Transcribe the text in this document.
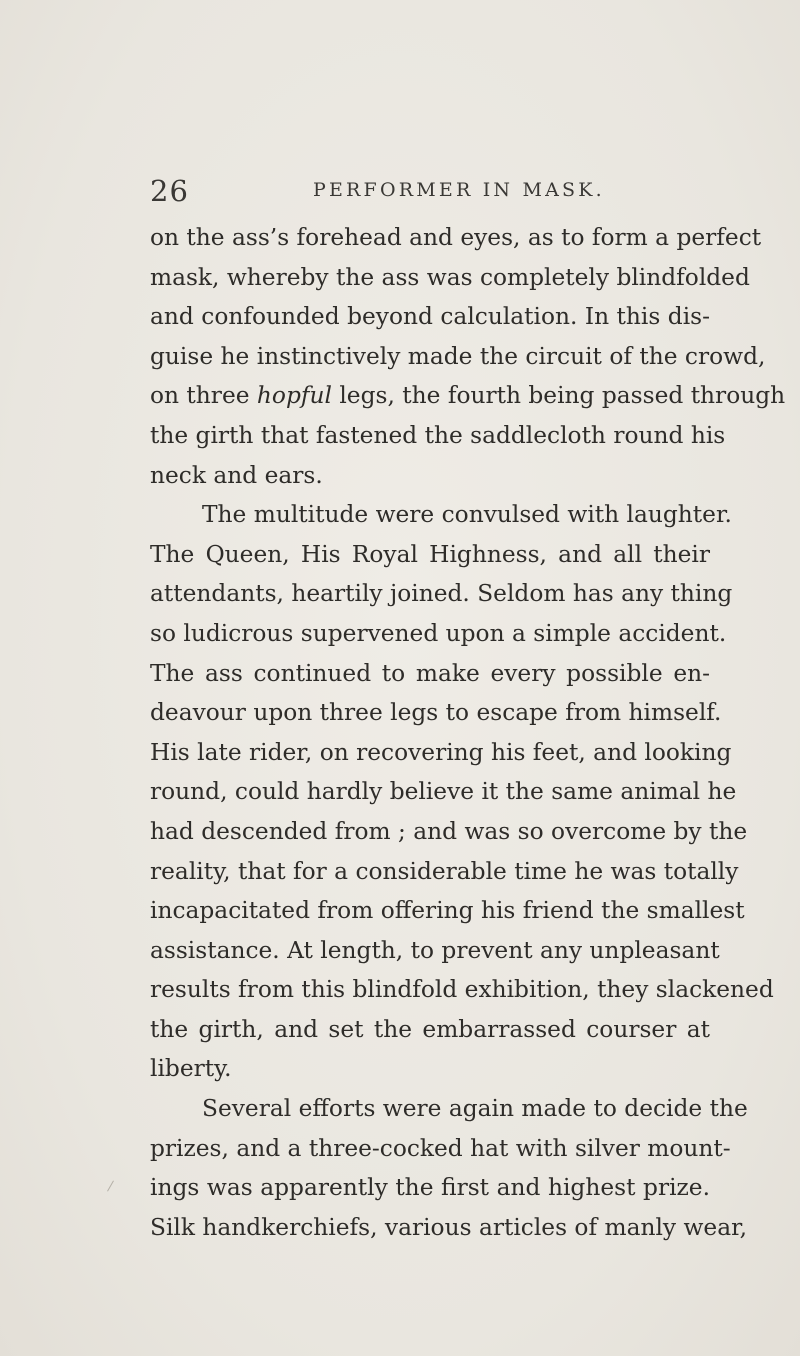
26	PERFORMER IN MASK.
on the ass’s forehead and eyes, as to form a perfect
mask, whereby the ass was completely blindfolded
and confounded beyond calculation. In this dis-
guise he instinctively made the circuit of the crowd,
on three hopful legs, the fourth being passed through
the girth that fastened the saddlecloth round his
neck and ears.
The multitude were convulsed with laughter.
The Queen, His Royal Highness, and all their
attendants, heartily joined. Seldom has any thing
so ludicrous supervened upon a simple accident.
The ass continued to make every possible en-
deavour upon three legs to escape from himself.
His late rider, on recovering his feet, and looking
round, could hardly believe it the same animal he
had descended from ; and was so overcome by the
reality, that for a considerable time he was totally
incapacitated from offering his friend the smallest
assistance. At length, to prevent any unpleasant
results from this blindfold exhibition, they slackened
the girth, and set the embarrassed courser at
liberty.
Several efforts were again made to decide the
prizes, and a three-cocked hat with silver mount-
ings was apparently the first and highest prize.
Silk handkerchiefs, various articles of manly wear,
